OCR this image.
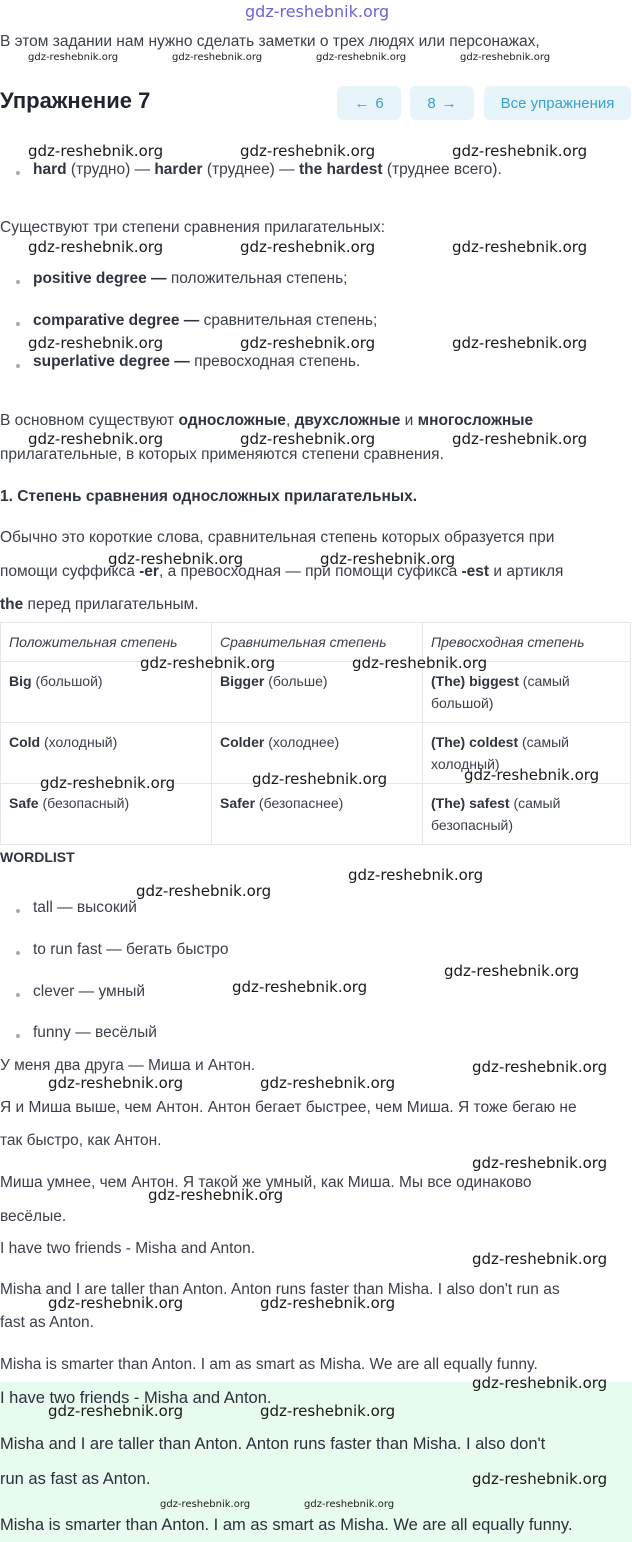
gdz-reshebnik.org
В этом задании нам нужно сделать заметки о трех людях или персонажах,
gdz-reshebnik.org	gdz-reshebnik.org	gdz-reshebnik.org	gdz-reshebnik.org
Упражнение 7	← 6	8 →	Все упражнения
gdz-reshebnik.org	gdz-reshebnik.org	gdz-reshebnik.org
hard (трудно) — harder (труднее) — the hardest (труднее всего).
Существуют три степени сравнения прилагательных:
gdz-reshebnik.org	gdz-reshebnik.org	gdz-reshebnik.org
positive degree — положительная степень;
comparative degree — сравнительная степень;
gdz-reshebnik.org	gdz-reshebnik.org	gdz-reshebnik.org
superlative degree — превосходная степень.
В основном существуют односложные, двухсложные и многосложные
gdz-reshebnik.org	gdz-reshebnik.org	gdz-reshebnik.org
прилагательные, в которых применяются степени сравнения.
1. Степень сравнения односложных прилагательных.
Обычно это короткие слова, сравнительная степень которых образуется при
gdz-reshebnik.org	gdz-reshebnik.org
помощи суффикса -er, а превосходная — при помощи суфикса -est и артикля
the перед прилагательным.
Положительная степень	Сравнительная степень	Превосходная степень
Big (большой)	Bigger (больше)	(The) biggest (самый большой)
Cold (холодный)	Colder (холоднее)	(The) coldest (самый холодный)
Safe (безопасный)	Safer (безопаснее)	(The) safest (самый безопасный)
gdz-reshebnik.org	gdz-reshebnik.org
gdz-reshebnik.org	gdz-reshebnik.org	gdz-reshebnik.org
WORDLIST
gdz-reshebnik.org
gdz-reshebnik.org
tall — высокий
to run fast — бегать быстро
gdz-reshebnik.org
gdz-reshebnik.org
clever — умный
funny — весёлый
У меня два друга — Миша и Антон.	gdz-reshebnik.org
gdz-reshebnik.org	gdz-reshebnik.org
Я и Миша выше, чем Антон. Антон бегает быстрее, чем Миша. Я тоже бегаю не
так быстро, как Антон.
gdz-reshebnik.org
Миша умнее, чем Антон. Я такой же умный, как Миша. Мы все одинаково
gdz-reshebnik.org
весёлые.
I have two friends - Misha and Anton.
gdz-reshebnik.org
Misha and I are taller than Anton. Anton runs faster than Misha. I also don't run as
gdz-reshebnik.org	gdz-reshebnik.org
fast as Anton.
Misha is smarter than Anton. I am as smart as Misha. We are all equally funny.
gdz-reshebnik.org
I have two friends - Misha and Anton.
gdz-reshebnik.org	gdz-reshebnik.org
Misha and I are taller than Anton. Anton runs faster than Misha. I also don't
gdz-reshebnik.org
run as fast as Anton.
gdz-reshebnik.org	gdz-reshebnik.org
Misha is smarter than Anton. I am as smart as Misha. We are all equally funny.
